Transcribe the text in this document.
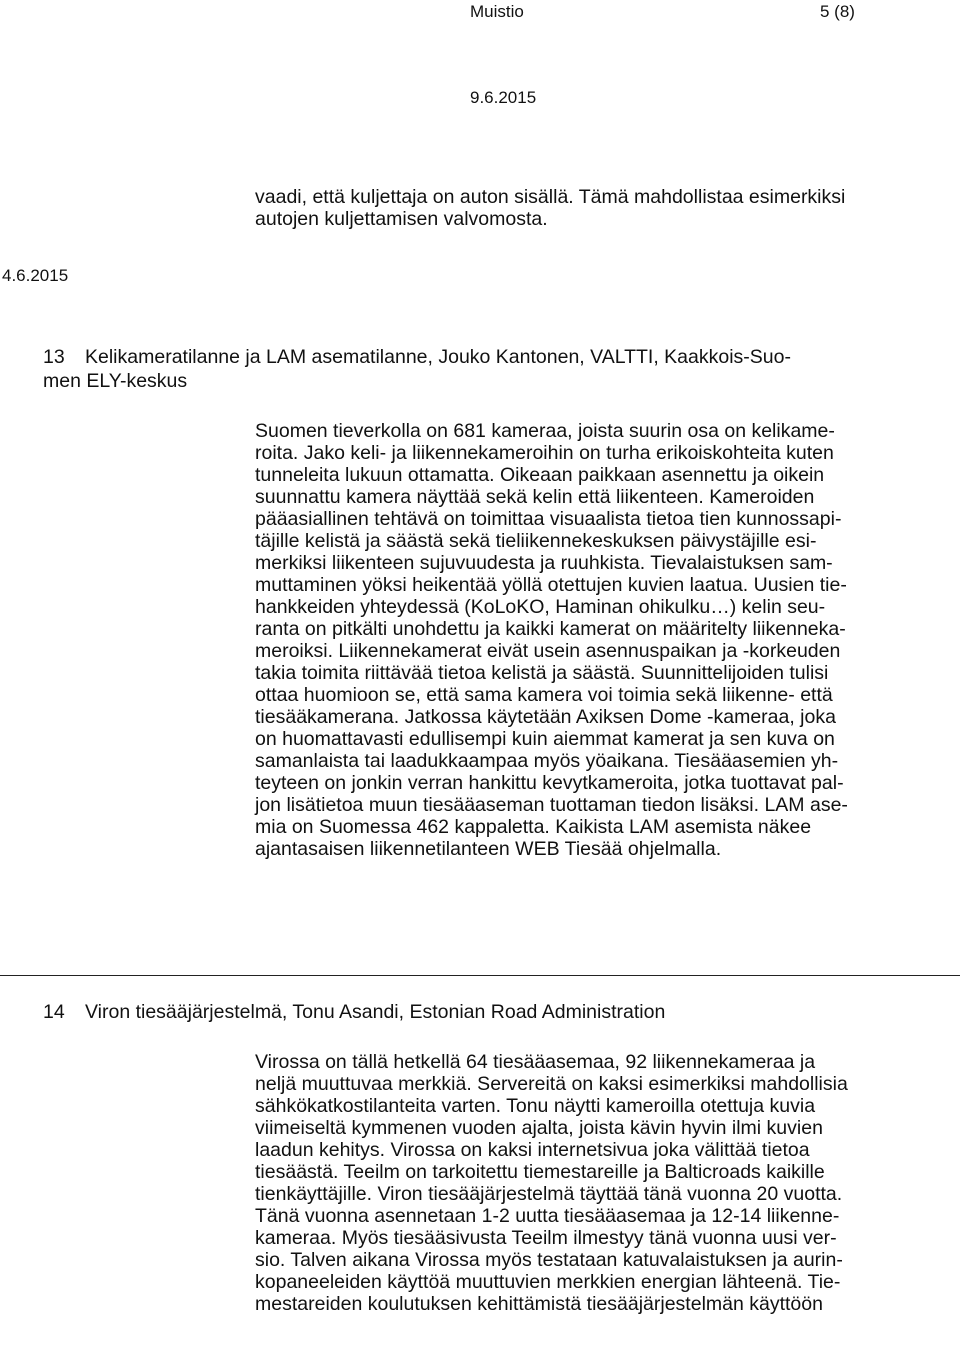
Muistio	5 (8)
9.6.2015
vaadi, että kuljettaja on auton sisällä. Tämä mahdollistaa esimerkiksi
autojen kuljettamisen valvomosta.
4.6.2015
13 Kelikameratilanne ja LAM asematilanne, Jouko Kantonen, VALTTI, Kaakkois-Suo-
men ELY-keskus
Suomen tieverkolla on 681 kameraa, joista suurin osa on kelikame-
roita. Jako keli- ja liikennekameroihin on turha erikoiskohteita kuten
tunneleita lukuun ottamatta. Oikeaan paikkaan asennettu ja oikein
suunnattu kamera näyttää sekä kelin että liikenteen. Kameroiden
pääasiallinen tehtävä on toimittaa visuaalista tietoa tien kunnossapi-
täjille kelistä ja säästä sekä tieliikennekeskuksen päivystäjille esi-
merkiksi liikenteen sujuvuudesta ja ruuhkista. Tievalaistuksen sam-
muttaminen yöksi heikentää yöllä otettujen kuvien laatua. Uusien tie-
hankkeiden yhteydessä (KoLoKO, Haminan ohikulku…) kelin seu-
ranta on pitkälti unohdettu ja kaikki kamerat on määritelty liikenneka-
meroiksi. Liikennekamerat eivät usein asennuspaikan ja -korkeuden
takia toimita riittävää tietoa kelistä ja säästä. Suunnittelijoiden tulisi
ottaa huomioon se, että sama kamera voi toimia sekä liikenne- että
tiesääkamerana. Jatkossa käytetään Axiksen Dome -kameraa, joka
on huomattavasti edullisempi kuin aiemmat kamerat ja sen kuva on
samanlaista tai laadukkaampaa myös yöaikana. Tiesääasemien yh-
teyteen on jonkin verran hankittu kevytkameroita, jotka tuottavat pal-
jon lisätietoa muun tiesääaseman tuottaman tiedon lisäksi. LAM ase-
mia on Suomessa 462 kappaletta. Kaikista LAM asemista näkee
ajantasaisen liikennetilanteen WEB Tiesää ohjelmalla.
14 Viron tiesääjärjestelmä, Tonu Asandi, Estonian Road Administration
Virossa on tällä hetkellä 64 tiesääasemaa, 92 liikennekameraa ja
neljä muuttuvaa merkkiä. Servereitä on kaksi esimerkiksi mahdollisia
sähkökatkostilanteita varten. Tonu näytti kameroilla otettuja kuvia
viimeiseltä kymmenen vuoden ajalta, joista kävin hyvin ilmi kuvien
laadun kehitys. Virossa on kaksi internetsivua joka välittää tietoa
tiesäästä. Teeilm on tarkoitettu tiemestareille ja Balticroads kaikille
tienkäyttäjille. Viron tiesääjärjestelmä täyttää tänä vuonna 20 vuotta.
Tänä vuonna asennetaan 1-2 uutta tiesääasemaa ja 12-14 liikenne-
kameraa. Myös tiesääsivusta Teeilm ilmestyy tänä vuonna uusi ver-
sio. Talven aikana Virossa myös testataan katuvalaistuksen ja aurin-
kopaneeleiden käyttöä muuttuvien merkkien energian lähteenä. Tie-
mestareiden koulutuksen kehittämistä tiesääjärjestelmän käyttöön
